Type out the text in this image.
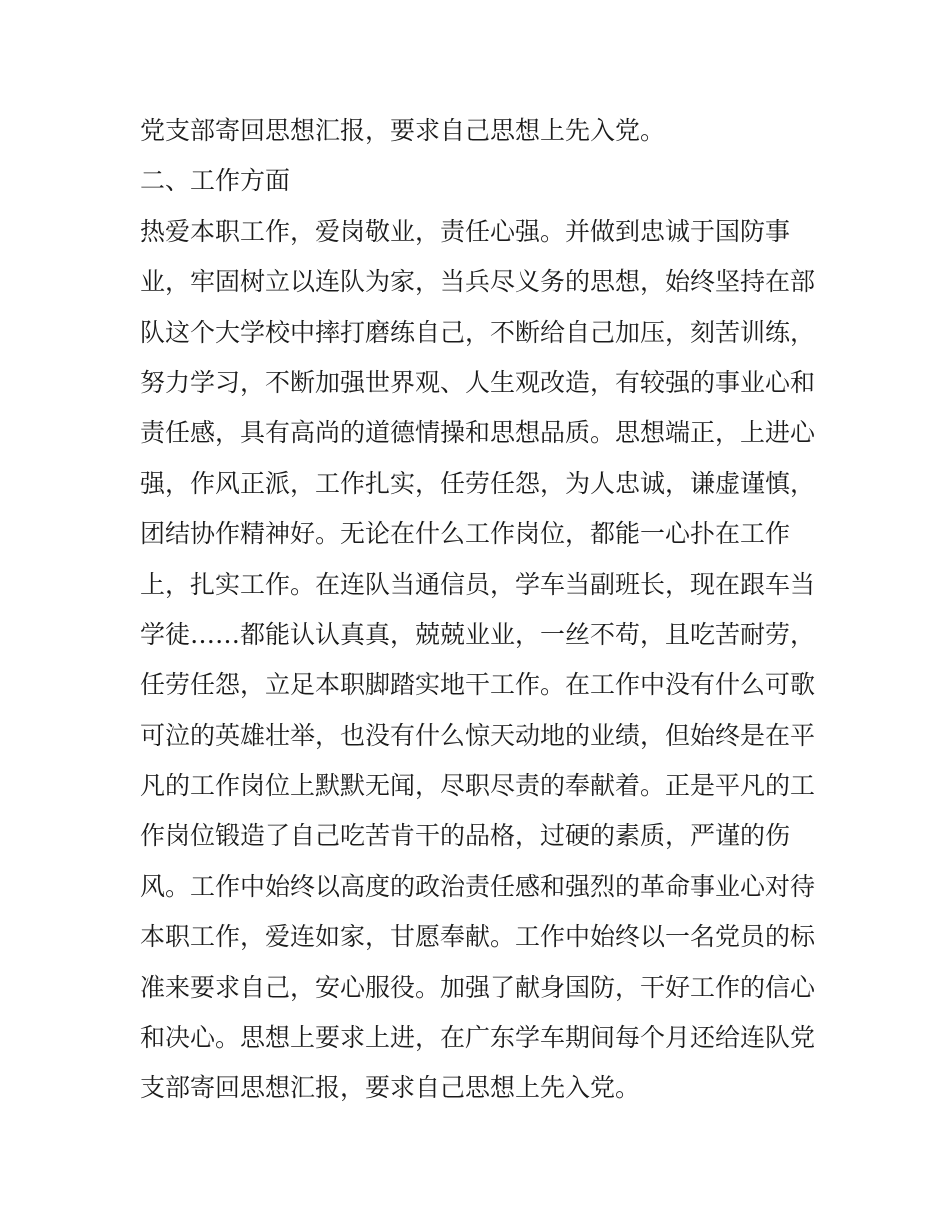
党支部寄回思想汇报，要求自己思想上先入党。
二、工作方面
热爱本职工作，爱岗敬业，责任心强。并做到忠诚于国防事
业，牢固树立以连队为家，当兵尽义务的思想，始终坚持在部
队这个大学校中摔打磨练自己，不断给自己加压，刻苦训练，
努力学习，不断加强世界观、人生观改造，有较强的事业心和
责任感，具有高尚的道德情操和思想品质。思想端正，上进心
强，作风正派，工作扎实，任劳任怨，为人忠诚，谦虚谨慎，
团结协作精神好。无论在什么工作岗位，都能一心扑在工作
上，扎实工作。在连队当通信员，学车当副班长，现在跟车当
学徒……都能认认真真，兢兢业业，一丝不苟，且吃苦耐劳，
任劳任怨，立足本职脚踏实地干工作。在工作中没有什么可歌
可泣的英雄壮举，也没有什么惊天动地的业绩，但始终是在平
凡的工作岗位上默默无闻，尽职尽责的奉献着。正是平凡的工
作岗位锻造了自己吃苦肯干的品格，过硬的素质，严谨的伤
风。工作中始终以高度的政治责任感和强烈的革命事业心对待
本职工作，爱连如家，甘愿奉献。工作中始终以一名党员的标
准来要求自己，安心服役。加强了献身国防，干好工作的信心
和决心。思想上要求上进，在广东学车期间每个月还给连队党
支部寄回思想汇报，要求自己思想上先入党。
